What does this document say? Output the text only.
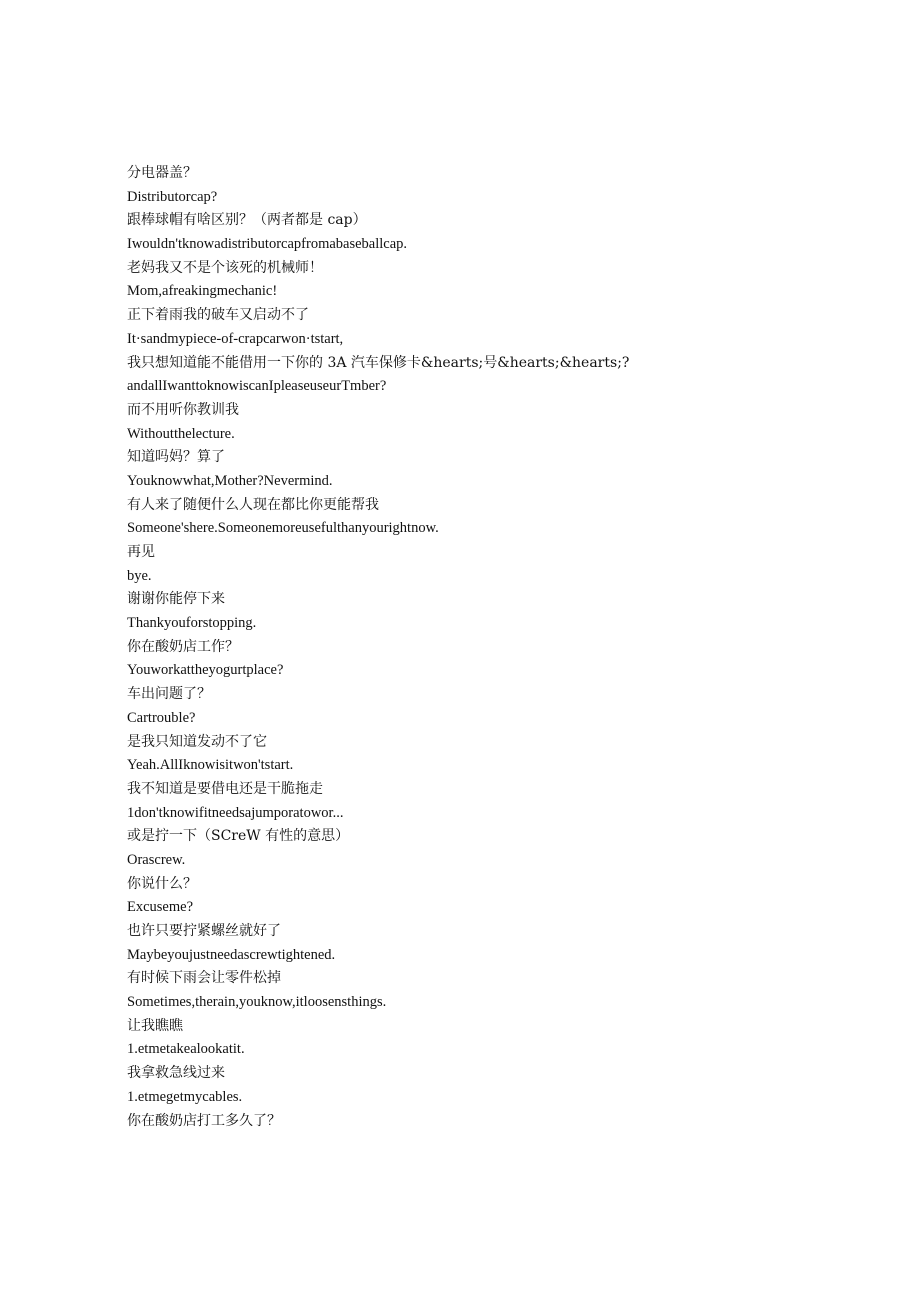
分电器盖？
Distributorcap?
跟棒球帽有啥区别？（两者都是 cap）
Iwouldn'tknowadistributorcapfromabaseballcap.
老妈我又不是个该死的机械师！
Mom,afreakingmechanic!
正下着雨我的破车又启动不了
It·sandmypiece-of-crapcarwon·tstart,
我只想知道能不能借用一下你的 3A 汽车保修卡&hearts;号&hearts;&hearts;?
andallIwanttoknowiscanIpleaseuseurTmber?
而不用听你教训我
Withoutthelecture.
知道吗妈？算了
Youknowwhat,Mother?Nevermind.
有人来了随便什么人现在都比你更能帮我
Someone'shere.Someonemoreusefulthanyourightnow.
再见
bye.
谢谢你能停下来
Thankyouforstopping.
你在酸奶店工作？
Youworkattheyogurtplace?
车出问题了？
Cartrouble?
是我只知道发动不了它
Yeah.AllIknowisitwon'tstart.
我不知道是要借电还是干脆拖走
1don'tknowifitneedsajumporatowor...
或是拧一下（SCreW 有性的意思）
Orascrew.
你说什么？
Excuseme?
也许只要拧紧螺丝就好了
Maybeyoujustneedascrewtightened.
有时候下雨会让零件松掉
Sometimes,therain,youknow,itloosensthings.
让我瞧瞧
1.etmetakealookatit.
我拿救急线过来
1.etmegetmycables.
你在酸奶店打工多久了？
